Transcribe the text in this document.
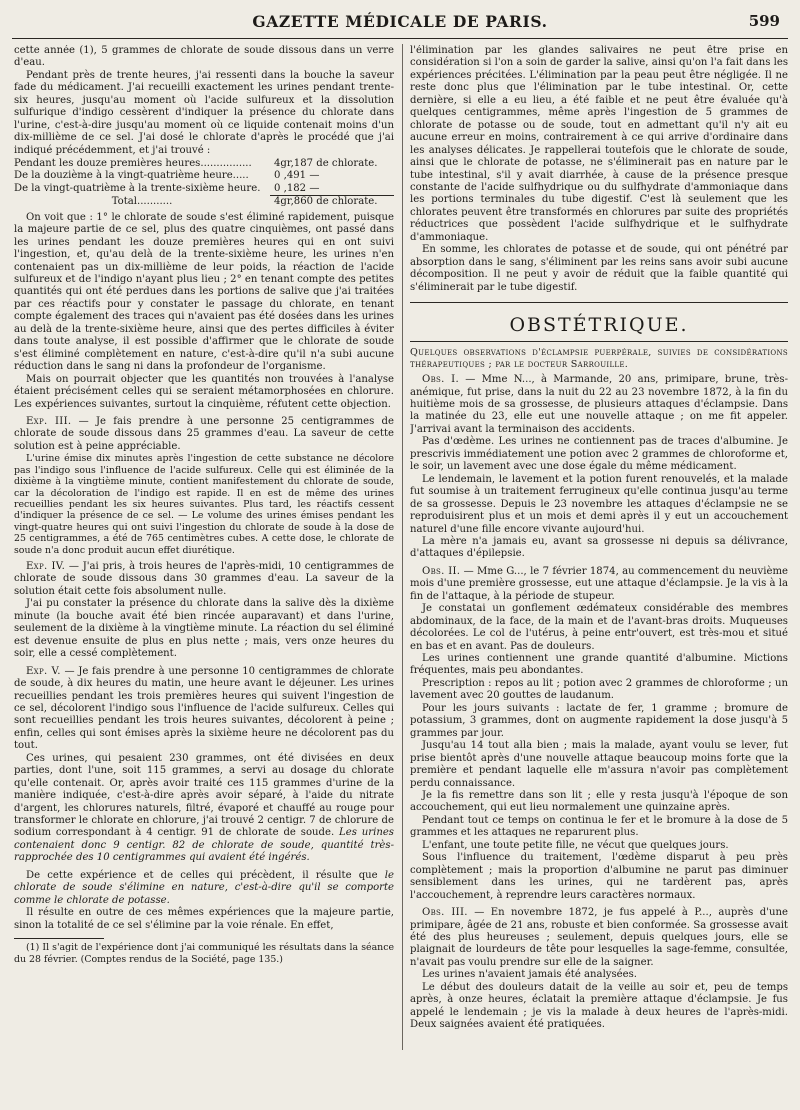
GAZETTE MÉDICALE DE PARIS.	599

cette année (1), 5 grammes de chlorate de soude dissous dans un verre d'eau.

Pendant près de trente heures, j'ai ressenti dans la bouche la saveur fade du médicament. J'ai recueilli exactement les urines pendant trente-six heures, jusqu'au moment où l'acide sulfureux et la dissolution sulfurique d'indigo cessèrent d'indiquer la présence du chlorate dans l'urine, c'est-à-dire jusqu'au moment où ce liquide contenait moins d'un dix-millième de ce sel. J'ai dosé le chlorate d'après le procédé que j'ai indiqué précédemment, et j'ai trouvé :

Pendant les douze premières heures................	4gr,187 de chlorate.
De la douzième à la vingt-quatrième heure.....	0 ,491 —
De la vingt-quatrième à la trente-sixième heure.	0 ,182 —
Total...........	4gr,860 de chlorate.

On voit que : 1° le chlorate de soude s'est éliminé rapidement, puisque la majeure partie de ce sel, plus des quatre cinquièmes, ont passé dans les urines pendant les douze premières heures qui en ont suivi l'ingestion, et, qu'au delà de la trente-sixième heure, les urines n'en contenaient pas un dix-millième de leur poids, la réaction de l'acide sulfureux et de l'indigo n'ayant plus lieu ; 2° en tenant compte des petites quantités qui ont été perdues dans les portions de salive que j'ai traitées par ces réactifs pour y constater le passage du chlorate, en tenant compte également des traces qui n'avaient pas été dosées dans les urines au delà de la trente-sixième heure, ainsi que des pertes difficiles à éviter dans toute analyse, il est possible d'affirmer que le chlorate de soude s'est éliminé complètement en nature, c'est-à-dire qu'il n'a subi aucune réduction dans le sang ni dans la profondeur de l'organisme.

Mais on pourrait objecter que les quantités non trouvées à l'analyse étaient précisément celles qui se seraient métamorphosées en chlorure. Les expériences suivantes, surtout la cinquième, réfutent cette objection.

Exp. III. — Je fais prendre à une personne 25 centigrammes de chlorate de soude dissous dans 25 grammes d'eau. La saveur de cette solution est à peine appréciable.

L'urine émise dix minutes après l'ingestion de cette substance ne décolore pas l'indigo sous l'influence de l'acide sulfureux. Celle qui est éliminée de la dixième à la vingtième minute, contient manifestement du chlorate de soude, car la décoloration de l'indigo est rapide. Il en est de même des urines recueillies pendant les six heures suivantes. Plus tard, les réactifs cessent d'indiquer la présence de ce sel. — Le volume des urines émises pendant les vingt-quatre heures qui ont suivi l'ingestion du chlorate de soude à la dose de 25 centigrammes, a été de 765 centimètres cubes. A cette dose, le chlorate de soude n'a donc produit aucun effet diurétique.

Exp. IV. — J'ai pris, à trois heures de l'après-midi, 10 centigrammes de chlorate de soude dissous dans 30 grammes d'eau. La saveur de la solution était cette fois absolument nulle.

J'ai pu constater la présence du chlorate dans la salive dès la dixième minute (la bouche avait été bien rincée auparavant) et dans l'urine, seulement de la dixième à la vingtième minute. La réaction du sel éliminé est devenue ensuite de plus en plus nette ; mais, vers onze heures du soir, elle a cessé complètement.

Exp. V. — Je fais prendre à une personne 10 centigrammes de chlorate de soude, à dix heures du matin, une heure avant le déjeuner. Les urines recueillies pendant les trois premières heures qui suivent l'ingestion de ce sel, décolorent l'indigo sous l'influence de l'acide sulfureux. Celles qui sont recueillies pendant les trois heures suivantes, décolorent à peine ; enfin, celles qui sont émises après la sixième heure ne décolorent pas du tout.

Ces urines, qui pesaient 230 grammes, ont été divisées en deux parties, dont l'une, soit 115 grammes, a servi au dosage du chlorate qu'elle contenait. Or, après avoir traité ces 115 grammes d'urine de la manière indiquée, c'est-à-dire après avoir séparé, à l'aide du nitrate d'argent, les chlorures naturels, filtré, évaporé et chauffé au rouge pour transformer le chlorate en chlorure, j'ai trouvé 2 centigr. 7 de chlorure de sodium correspondant à 4 centigr. 91 de chlorate de soude. Les urines contenaient donc 9 centigr. 82 de chlorate de soude, quantité très-rapprochée des 10 centigrammes qui avaient été ingérés.

De cette expérience et de celles qui précèdent, il résulte que le chlorate de soude s'élimine en nature, c'est-à-dire qu'il se comporte comme le chlorate de potasse.

Il résulte en outre de ces mêmes expériences que la majeure partie, sinon la totalité de ce sel s'élimine par la voie rénale. En effet,

(1) Il s'agit de l'expérience dont j'ai communiqué les résultats dans la séance du 28 février. (Comptes rendus de la Société, page 135.)

l'élimination par les glandes salivaires ne peut être prise en considération si l'on a soin de garder la salive, ainsi qu'on l'a fait dans les expériences précitées. L'élimination par la peau peut être négligée. Il ne reste donc plus que l'élimination par le tube intestinal. Or, cette dernière, si elle a eu lieu, a été faible et ne peut être évaluée qu'à quelques centigrammes, même après l'ingestion de 5 grammes de chlorate de potasse ou de soude, tout en admettant qu'il n'y ait eu aucune erreur en moins, contrairement à ce qui arrive d'ordinaire dans les analyses délicates. Je rappellerai toutefois que le chlorate de soude, ainsi que le chlorate de potasse, ne s'éliminerait pas en nature par le tube intestinal, s'il y avait diarrhée, à cause de la présence presque constante de l'acide sulfhydrique ou du sulfhydrate d'ammoniaque dans les portions terminales du tube digestif. C'est là seulement que les chlorates peuvent être transformés en chlorures par suite des propriétés réductrices que possèdent l'acide sulfhydrique et le sulfhydrate d'ammoniaque.

En somme, les chlorates de potasse et de soude, qui ont pénétré par absorption dans le sang, s'éliminent par les reins sans avoir subi aucune décomposition. Il ne peut y avoir de réduit que la faible quantité qui s'éliminerait par le tube digestif.

OBSTÉTRIQUE.

Quelques observations d'éclampsie puerpérale, suivies de considérations thérapeutiques ; par le docteur Sarrouille.

Obs. I. — Mme N..., à Marmande, 20 ans, primipare, brune, très-anémique, fut prise, dans la nuit du 22 au 23 novembre 1872, à la fin du huitième mois de sa grossesse, de plusieurs attaques d'éclampsie. Dans la matinée du 23, elle eut une nouvelle attaque ; on me fit appeler. J'arrivai avant la terminaison des accidents.

Pas d'œdème. Les urines ne contiennent pas de traces d'albumine. Je prescrivis immédiatement une potion avec 2 grammes de chloroforme et, le soir, un lavement avec une dose égale du même médicament.

Le lendemain, le lavement et la potion furent renouvelés, et la malade fut soumise à un traitement ferrugineux qu'elle continua jusqu'au terme de sa grossesse. Depuis le 23 novembre les attaques d'éclampsie ne se reproduisirent plus et un mois et demi après il y eut un accouchement naturel d'une fille encore vivante aujourd'hui.

La mère n'a jamais eu, avant sa grossesse ni depuis sa délivrance, d'attaques d'épilepsie.

Obs. II. — Mme G..., le 7 février 1874, au commencement du neuvième mois d'une première grossesse, eut une attaque d'éclampsie. Je la vis à la fin de l'attaque, à la période de stupeur.

Je constatai un gonflement œdémateux considérable des membres abdominaux, de la face, de la main et de l'avant-bras droits. Muqueuses décolorées. Le col de l'utérus, à peine entr'ouvert, est très-mou et situé en bas et en avant. Pas de douleurs.

Les urines contiennent une grande quantité d'albumine. Mictions fréquentes, mais peu abondantes.

Prescription : repos au lit ; potion avec 2 grammes de chloroforme ; un lavement avec 20 gouttes de laudanum.

Pour les jours suivants : lactate de fer, 1 gramme ; bromure de potassium, 3 grammes, dont on augmente rapidement la dose jusqu'à 5 grammes par jour.

Jusqu'au 14 tout alla bien ; mais la malade, ayant voulu se lever, fut prise bientôt après d'une nouvelle attaque beaucoup moins forte que la première et pendant laquelle elle m'assura n'avoir pas complètement perdu connaissance.

Je la fis remettre dans son lit ; elle y resta jusqu'à l'époque de son accouchement, qui eut lieu normalement une quinzaine après.

Pendant tout ce temps on continua le fer et le bromure à la dose de 5 grammes et les attaques ne reparurent plus.

L'enfant, une toute petite fille, ne vécut que quelques jours.

Sous l'influence du traitement, l'œdème disparut à peu près complètement ; mais la proportion d'albumine ne parut pas diminuer sensiblement dans les urines, qui ne tardèrent pas, après l'accouchement, à reprendre leurs caractères normaux.

Obs. III. — En novembre 1872, je fus appelé à P..., auprès d'une primipare, âgée de 21 ans, robuste et bien conformée. Sa grossesse avait été des plus heureuses ; seulement, depuis quelques jours, elle se plaignait de lourdeurs de tête pour lesquelles la sage-femme, consultée, n'avait pas voulu prendre sur elle de la saigner.

Les urines n'avaient jamais été analysées.

Le début des douleurs datait de la veille au soir et, peu de temps après, à onze heures, éclatait la première attaque d'éclampsie. Je fus appelé le lendemain ; je vis la malade à deux heures de l'après-midi. Deux saignées avaient été pratiquées.
